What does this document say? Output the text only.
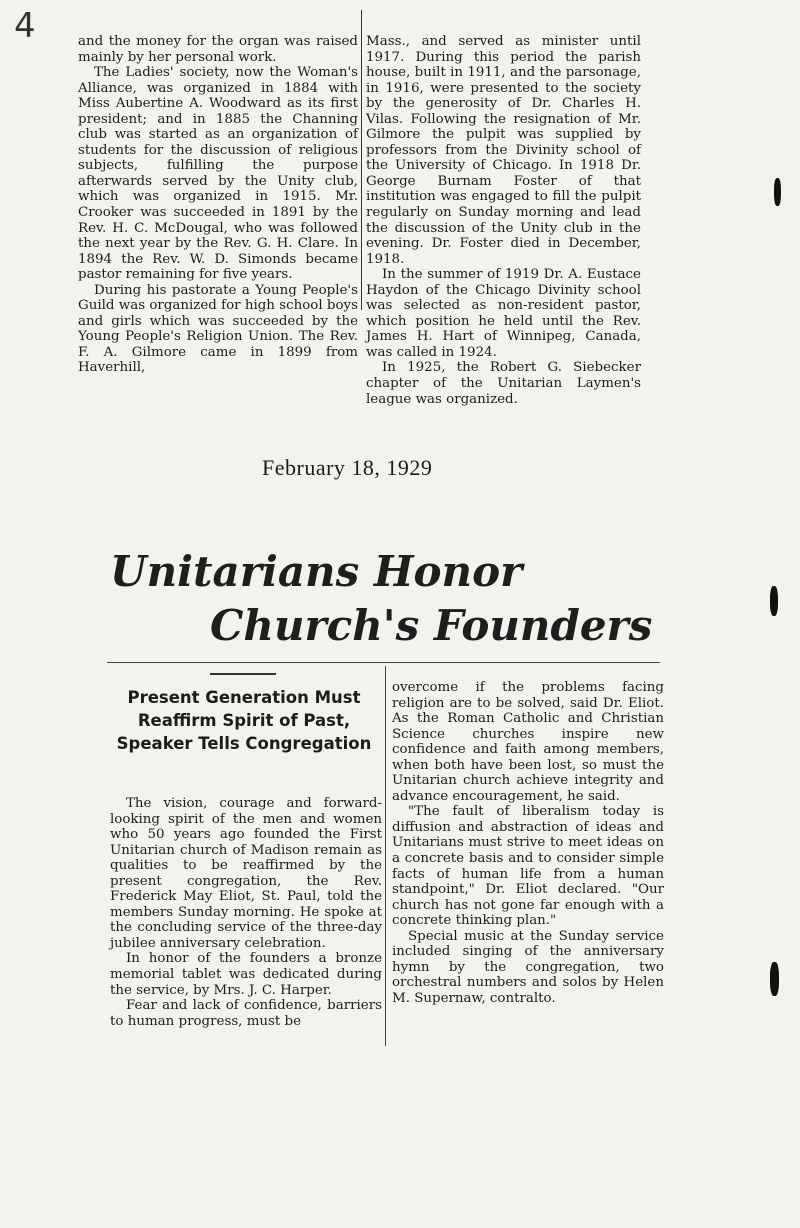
4	and the money for the organ was raised mainly by her personal work.

The Ladies' society, now the Woman's Alliance, was organized in 1884 with Miss Aubertine A. Woodward as its first president; and in 1885 the Channing club was started as an organization of students for the discussion of religious subjects, fulfilling the purpose afterwards served by the Unity club, which was organized in 1915. Mr. Crooker was succeeded in 1891 by the Rev. H. C. McDougal, who was followed the next year by the Rev. G. H. Clare. In 1894 the Rev. W. D. Simonds became pastor remaining for five years.

During his pastorate a Young People's Guild was organized for high school boys and girls which was succeeded by the Young People's Religion Union. The Rev. F. A. Gilmore came in 1899 from Haverhill,

Mass., and served as minister until 1917. During this period the parish house, built in 1911, and the parsonage, in 1916, were presented to the society by the generosity of Dr. Charles H. Vilas. Following the resignation of Mr. Gilmore the pulpit was supplied by professors from the Divinity school of the University of Chicago. In 1918 Dr. George Burnam Foster of that institution was engaged to fill the pulpit regularly on Sunday morning and lead the discussion of the Unity club in the evening. Dr. Foster died in December, 1918.

In the summer of 1919 Dr. A. Eustace Haydon of the Chicago Divinity school was selected as non-resident pastor, which position he held until the Rev. James H. Hart of Winnipeg, Canada, was called in 1924.

In 1925, the Robert G. Siebecker chapter of the Unitarian Laymen's league was organized.

February 18, 1929
Unitarians Honor
Church's Founders
Present Generation Must Reaffirm Spirit of Past, Speaker Tells Congregation

The vision, courage and forward-looking spirit of the men and women who 50 years ago founded the First Unitarian church of Madison remain as qualities to be reaffirmed by the present congregation, the Rev. Frederick May Eliot, St. Paul, told the members Sunday morning. He spoke at the concluding service of the three-day jubilee anniversary celebration.

In honor of the founders a bronze memorial tablet was dedicated during the service, by Mrs. J. C. Harper.

Fear and lack of confidence, barriers to human progress, must be

overcome if the problems facing religion are to be solved, said Dr. Eliot. As the Roman Catholic and Christian Science churches inspire new confidence and faith among members, when both have been lost, so must the Unitarian church achieve integrity and advance encouragement, he said.

"The fault of liberalism today is diffusion and abstraction of ideas and Unitarians must strive to meet ideas on a concrete basis and to consider simple facts of human life from a human standpoint," Dr. Eliot declared. "Our church has not gone far enough with a concrete thinking plan."

Special music at the Sunday service included singing of the anniversary hymn by the congregation, two orchestral numbers and solos by Helen M. Supernaw, contralto.
